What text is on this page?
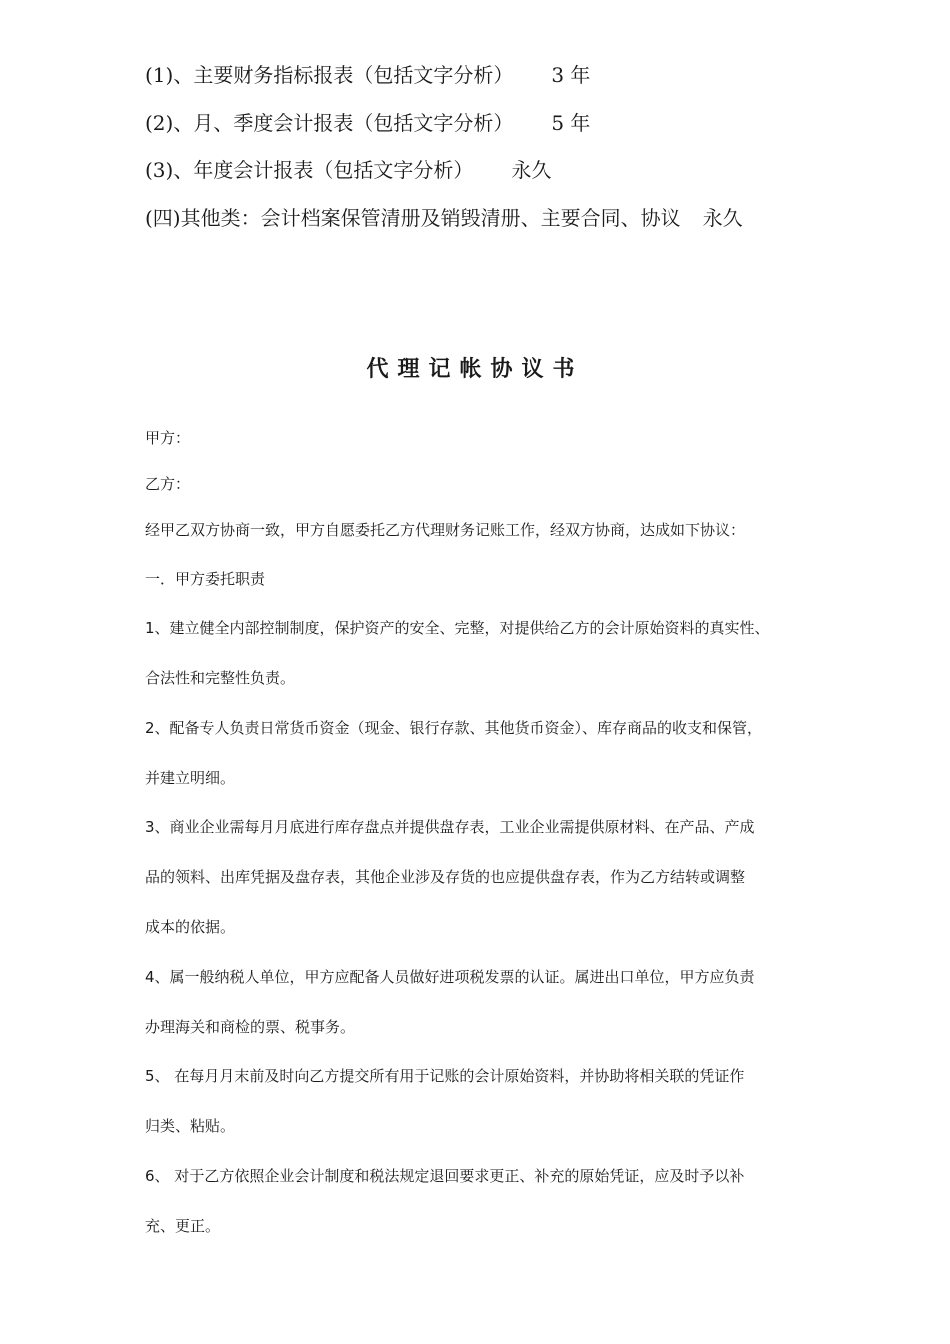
(1)、主要财务指标报表（包括文字分析） 3 年
(2)、月、季度会计报表（包括文字分析） 5 年
(3)、年度会计报表（包括文字分析） 永久
(四)其他类：会计档案保管清册及销毁清册、主要合同、协议 永久
代理记帐协议书
甲方：
乙方：
经甲乙双方协商一致，甲方自愿委托乙方代理财务记账工作，经双方协商，达成如下协议：
一．甲方委托职责
1、建立健全内部控制制度，保护资产的安全、完整，对提供给乙方的会计原始资料的真实性、
合法性和完整性负责。
2、配备专人负责日常货币资金（现金、银行存款、其他货币资金）、库存商品的收支和保管，
并建立明细。
3、商业企业需每月月底进行库存盘点并提供盘存表，工业企业需提供原材料、在产品、产成
品的领料、出库凭据及盘存表，其他企业涉及存货的也应提供盘存表，作为乙方结转或调整
成本的依据。
4、属一般纳税人单位，甲方应配备人员做好进项税发票的认证。属进出口单位，甲方应负责
办理海关和商检的票、税事务。
5、 在每月月末前及时向乙方提交所有用于记账的会计原始资料，并协助将相关联的凭证作
归类、粘贴。
6、 对于乙方依照企业会计制度和税法规定退回要求更正、补充的原始凭证，应及时予以补
充、更正。
